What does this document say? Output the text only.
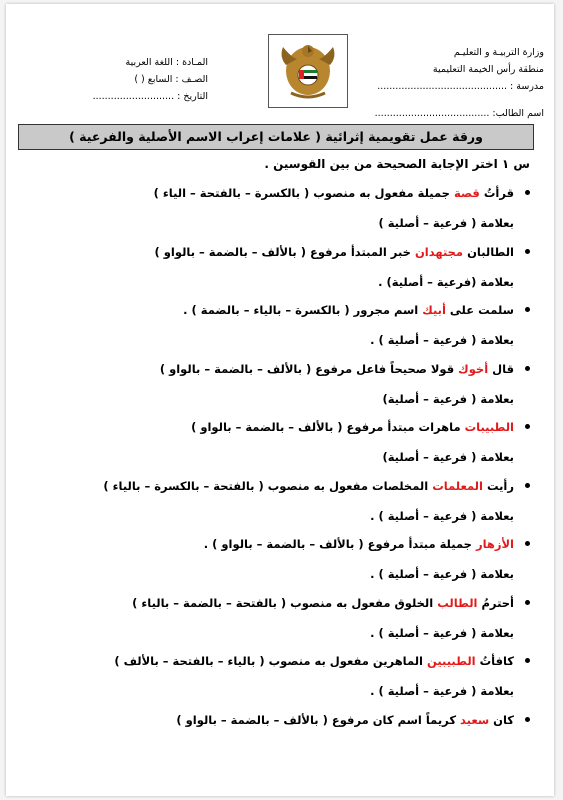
وزارة التربيـة و التعليـم
منطقة رأس الخيمة التعليمية
مدرسة : ...........................................
المـادة : اللغة العربية
الصـف : السابع ( )
التاريخ : ...........................
اسم الطالب: ......................................
ورقة عمل تقويمية إثرائية ( علامات إعراب الاسم الأصلية والفرعية )
س ١ اختر الإجابة الصحيحة من بين القوسين .
قرأتُ قصة جميلة مفعول به منصوب ( بالكسرة – بالفتحة – الياء )
بعلامة ( فرعية – أصلية )
الطالبان مجتهدان خبر المبتدأ مرفوع ( بالألف – بالضمة – بالواو )
بعلامة (فرعية – أصلية) .
سلمت على أبيك اسم مجرور ( بالكسرة – بالياء – بالضمة ) .
بعلامة ( فرعية – أصلية ) .
قال أخوك قولا صحيحاً فاعل مرفوع ( بالألف – بالضمة – بالواو )
بعلامة ( فرعية – أصلية)
الطبيبات ماهرات مبتدأ مرفوع ( بالألف – بالضمة – بالواو )
بعلامة ( فرعية – أصلية)
رأيت المعلمات المخلصات مفعول به منصوب ( بالفتحة – بالكسرة – بالياء )
بعلامة ( فرعية – أصلية ) .
الأزهار جميلة مبتدأ مرفوع ( بالألف – بالضمة – بالواو ) .
بعلامة ( فرعية – أصلية ) .
أحترمُ الطالب الخلوق مفعول به منصوب ( بالفتحة – بالضمة – بالياء )
بعلامة ( فرعية – أصلية ) .
كافأتُ الطبيبين الماهرين مفعول به منصوب ( بالياء – بالفتحة – بالألف )
بعلامة ( فرعية – أصلية ) .
كان سعيد كريماً اسم كان مرفوع ( بالألف – بالضمة – بالواو )
